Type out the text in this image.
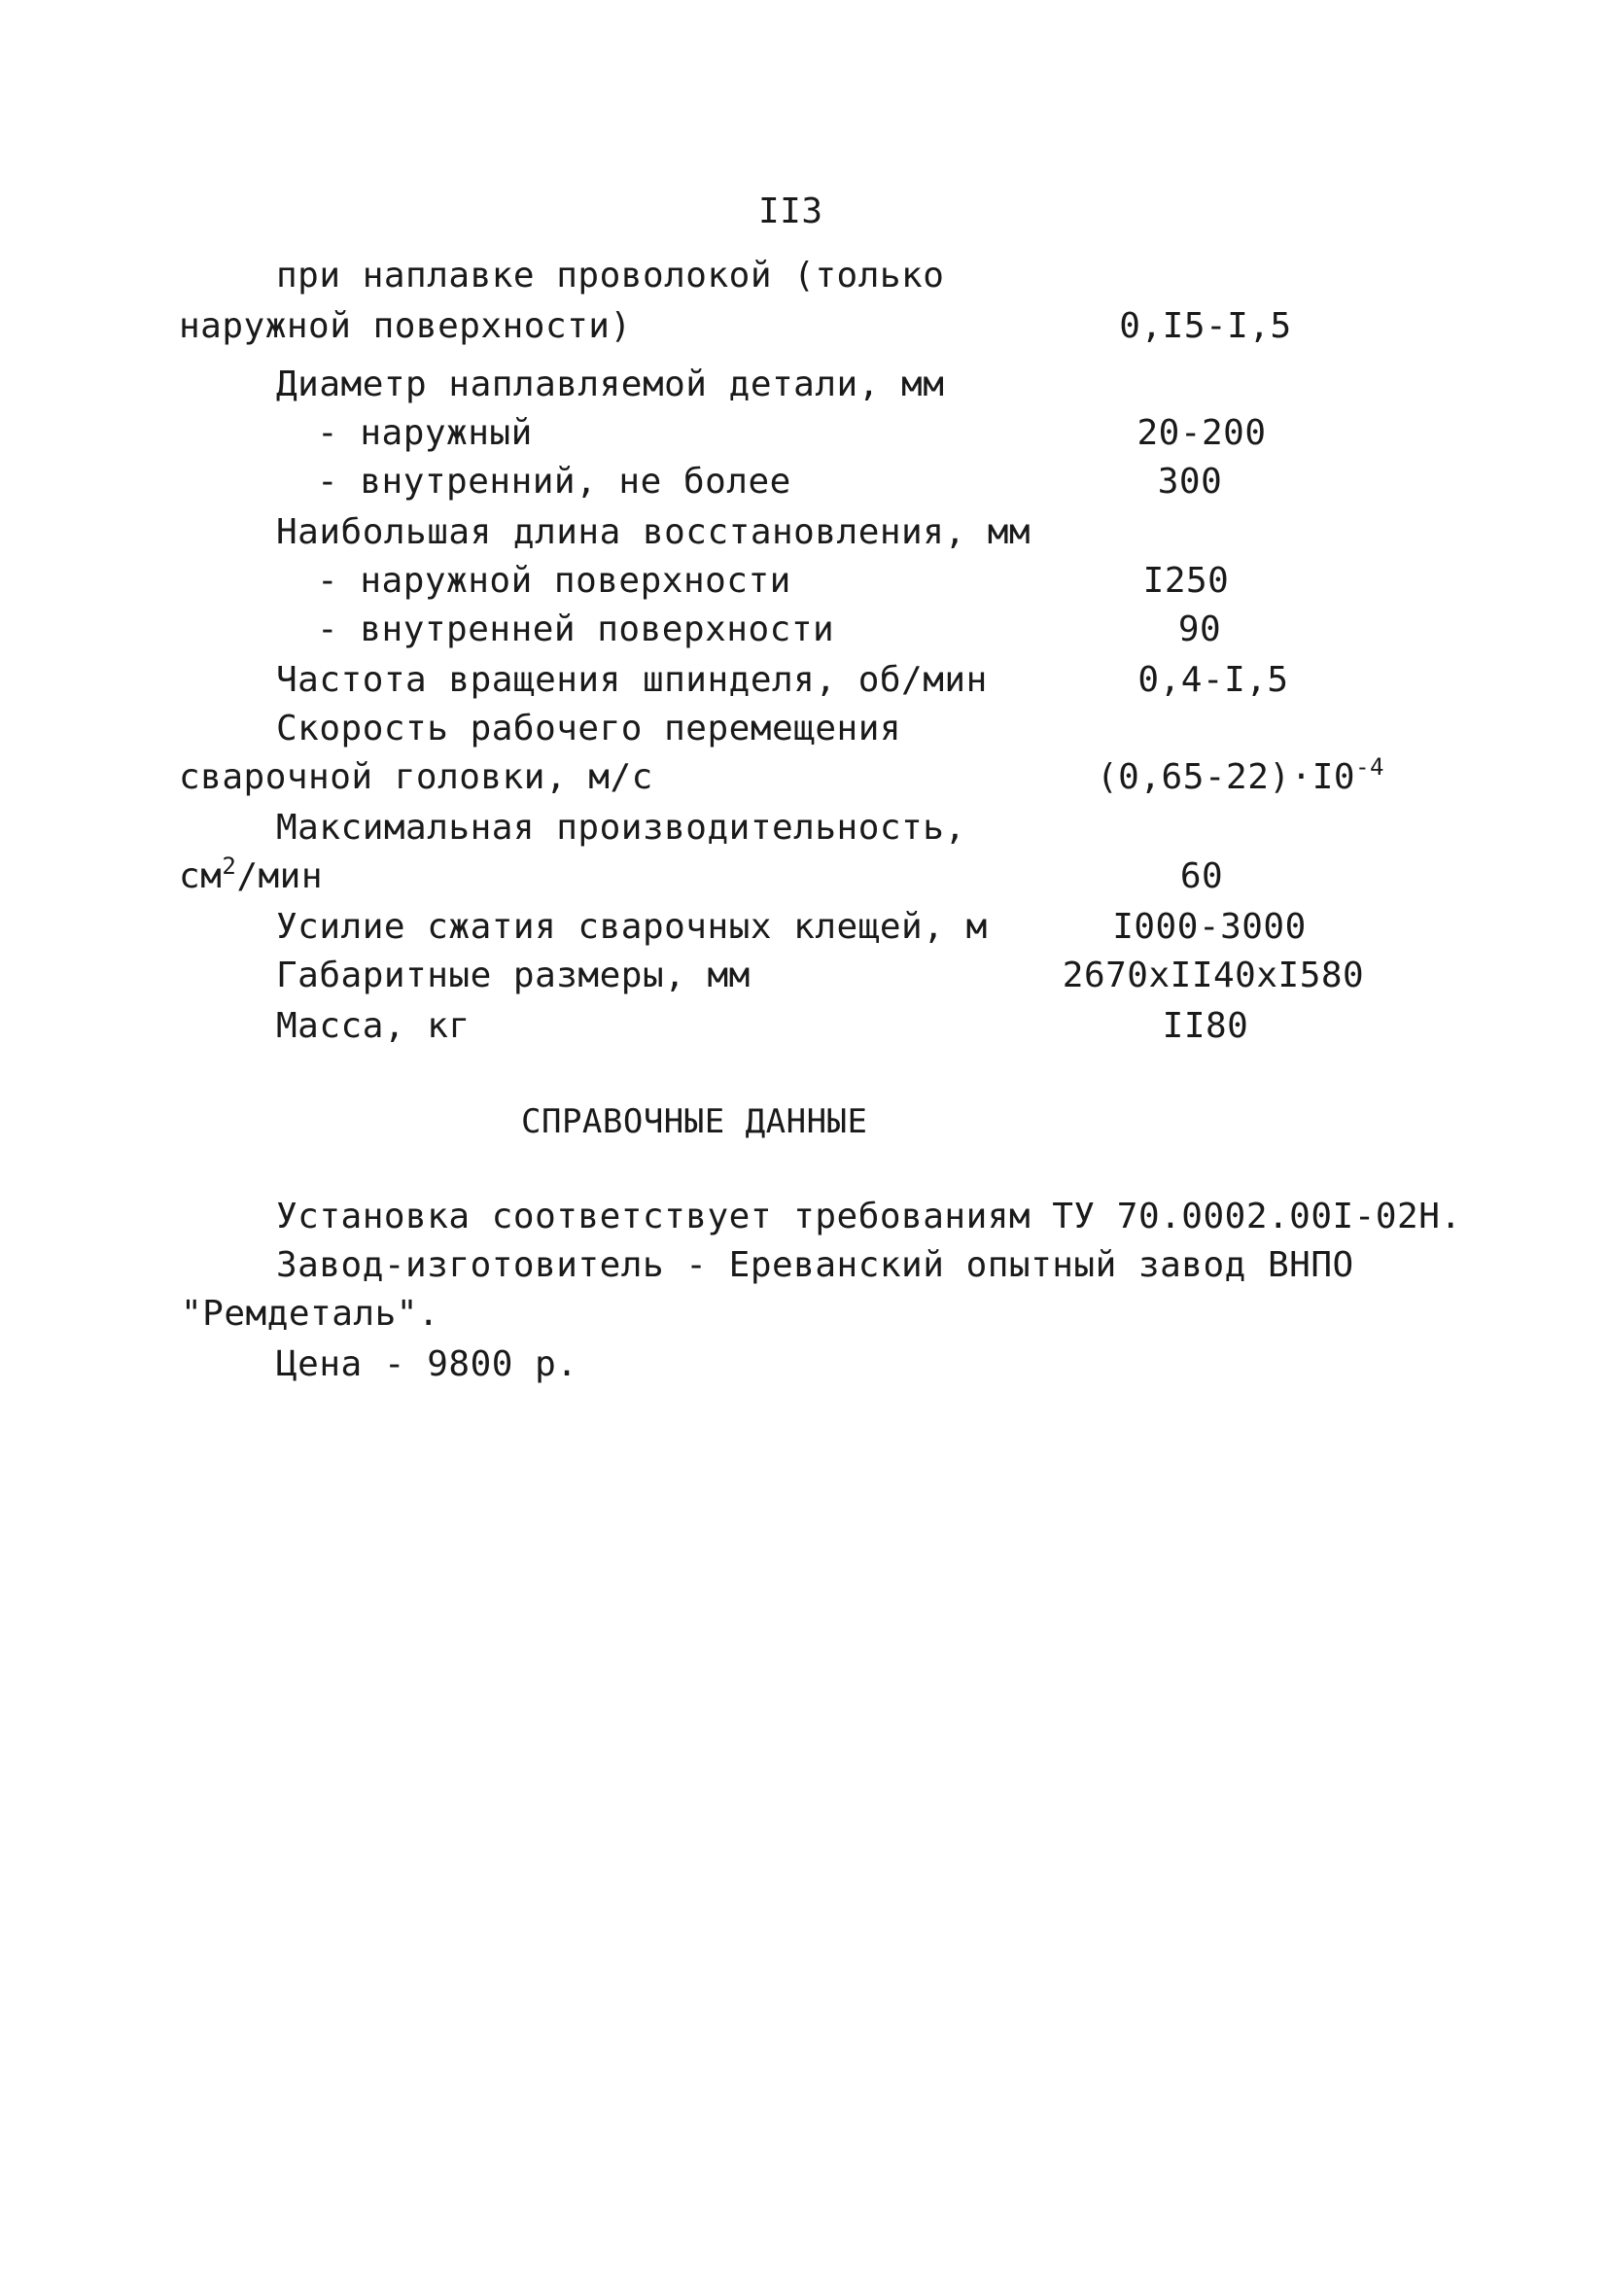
II3
при наплавке проволокой (только
наружной поверхности)	0,I5-I,5
Диаметр наплавляемой детали, мм
- наружный	20-200
- внутренний, не более	300
Наибольшая длина восстановления, мм
- наружной поверхности	I250
- внутренней поверхности	90
Частота вращения шпинделя, об/мин	0,4-I,5
Скорость рабочего перемещения
сварочной головки, м/с	$(0,65-22)\cdot I0^{-4}$
Максимальная производительность,
$см^2$/мин	60
Усилие сжатия сварочных клещей, м	I000-3000
Габаритные размеры, мм	2670xII40xI580
Масса, кг	II80
СПРАВОЧНЫЕ ДАННЫЕ
Установка соответствует требованиям ТУ 70.0002.00I-02Н.
Завод-изготовитель - Ереванский опытный завод ВНПО
"Ремдеталь".
Цена - 9800 р.
